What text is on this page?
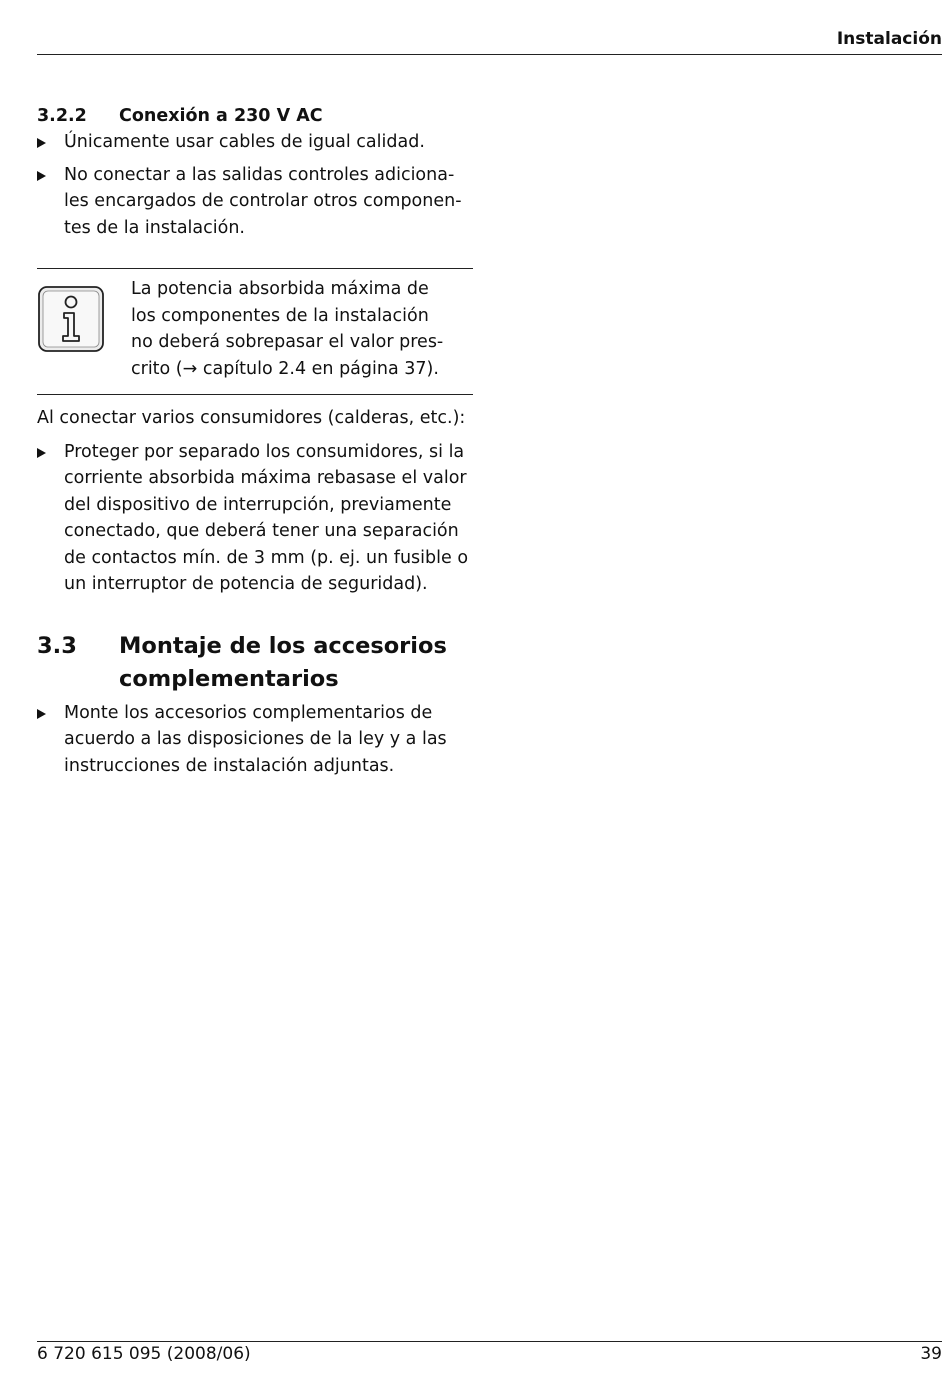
Instalación
3.2.2	Conexión a 230 V AC
Únicamente usar cables de igual calidad.
No conectar a las salidas controles adiciona-les encargados de controlar otros componen-tes de la instalación.
La potencia absorbida máxima de los componentes de la instalación no deberá sobrepasar el valor pres-crito (→ capítulo 2.4 en página 37).
Al conectar varios consumidores (calderas, etc.):
Proteger por separado los consumidores, si la corriente absorbida máxima rebasase el valor del dispositivo de interrupción, previamente conectado, que deberá tener una separación de contactos mín. de 3 mm (p. ej. un fusible o un interruptor de potencia de seguridad).
3.3	Montaje de los accesorios complementarios
Monte los accesorios complementarios de acuerdo a las disposiciones de la ley y a las instrucciones de instalación adjuntas.
6 720 615 095 (2008/06)	39
